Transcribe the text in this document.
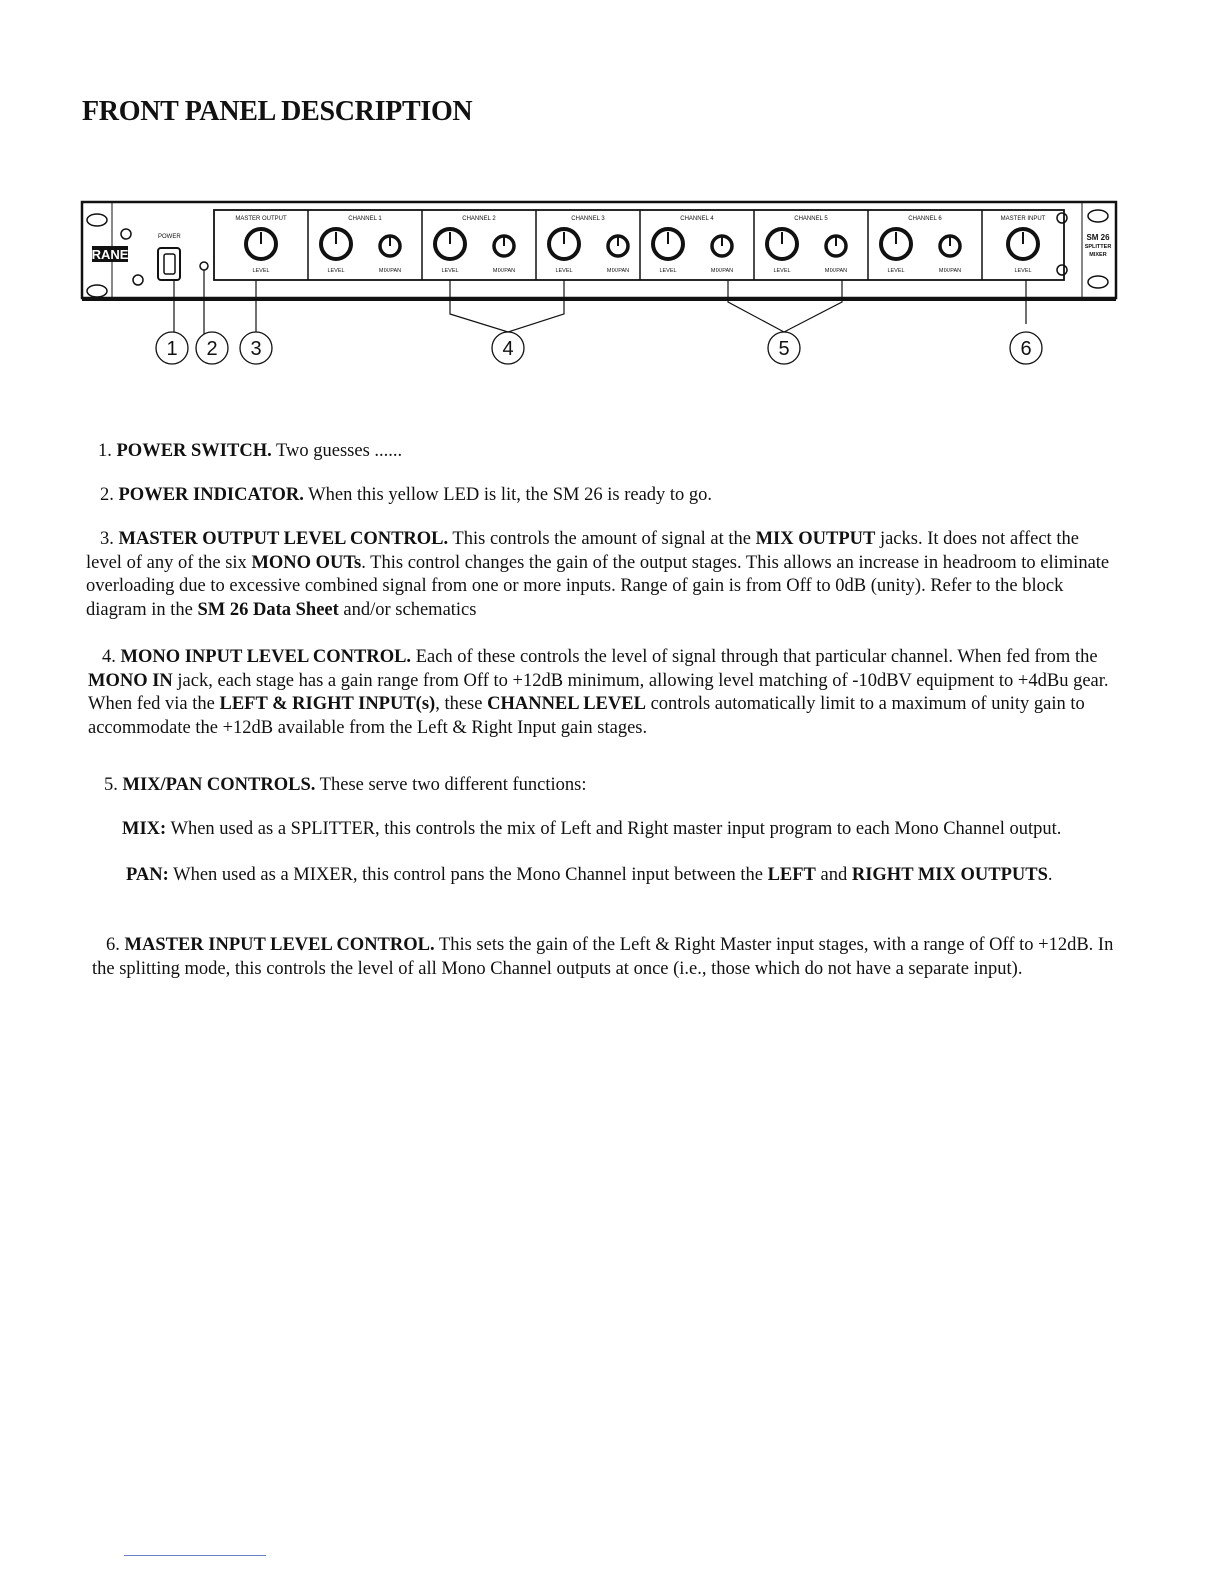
FRONT PANEL DESCRIPTION
RANE
POWER
MASTER OUTPUT
LEVEL
CHANNEL 1
LEVEL	MIX/PAN
CHANNEL 2
LEVEL	MIX/PAN
CHANNEL 3
LEVEL	MIX/PAN
CHANNEL 4
LEVEL	MIX/PAN
CHANNEL 5
LEVEL	MIX/PAN
CHANNEL 6
LEVEL	MIX/PAN
MASTER INPUT
LEVEL
SM 26
SPLITTER
MIXER
1 2 3	4	5	6
1. POWER SWITCH. Two guesses ......
2. POWER INDICATOR. When this yellow LED is lit, the SM 26 is ready to go.
3. MASTER OUTPUT LEVEL CONTROL. This controls the amount of signal at the MIX OUTPUT jacks. It does not affect the level of any of the six MONO OUTs. This control changes the gain of the output stages. This allows an increase in headroom to eliminate overloading due to excessive combined signal from one or more inputs. Range of gain is from Off to 0dB (unity). Refer to the block diagram in the SM 26 Data Sheet and/or schematics
4. MONO INPUT LEVEL CONTROL. Each of these controls the level of signal through that particular channel. When fed from the MONO IN jack, each stage has a gain range from Off to +12dB minimum, allowing level matching of -10dBV equipment to +4dBu gear. When fed via the LEFT & RIGHT INPUT(s), these CHANNEL LEVEL controls automatically limit to a maximum of unity gain to accommodate the +12dB available from the Left & Right Input gain stages.
5. MIX/PAN CONTROLS. These serve two different functions:
MIX: When used as a SPLITTER, this controls the mix of Left and Right master input program to each Mono Channel output.
PAN: When used as a MIXER, this control pans the Mono Channel input between the LEFT and RIGHT MIX OUTPUTS.
6. MASTER INPUT LEVEL CONTROL. This sets the gain of the Left & Right Master input stages, with a range of Off to +12dB. In the splitting mode, this controls the level of all Mono Channel outputs at once (i.e., those which do not have a separate input).
